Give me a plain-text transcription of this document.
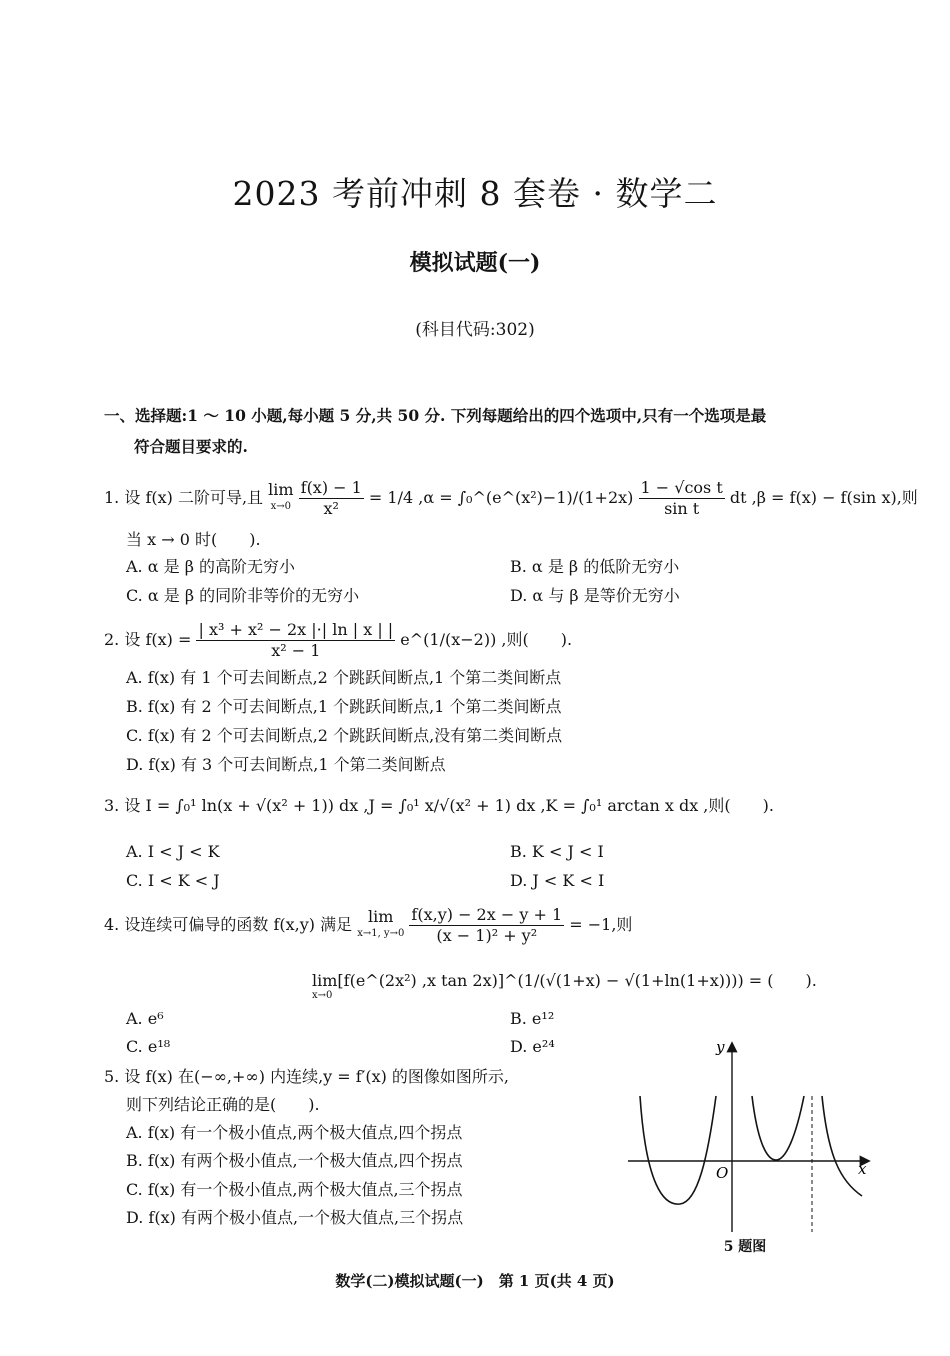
2023 考前冲刺 8 套卷 · 数学二
模拟试题(一)
(科目代码:302)
一、选择题:1 ～ 10 小题,每小题 5 分,共 50 分. 下列每题给出的四个选项中,只有一个选项是最
符合题目要求的.
1. 设 f(x) 二阶可导,且 lim
$x\to 0 \frac{f(x) - 1}{\text{x²}} = 1/4$ ,α = ∫₀^(e^(x²)−1)/(1+2x) $\frac{\text{1 − √cos t}}{\text{sin t}}$ dt ,β = f(x) − f(sin x),则
当 x → 0 时(　　).
A. α 是 β 的高阶无穷小	B. α 是 β 的低阶无穷小
C. α 是 β 的同阶非等价的无穷小	D. α 与 β 是等价无穷小
2. 设 $f(x) = \frac{\text{| x³ + x² − 2x |·| ln | x | |}}{\text{x² − 1}}$ e^(1/(x−2)) ,则(　　).
A. f(x) 有 1 个可去间断点,2 个跳跃间断点,1 个第二类间断点
B. f(x) 有 2 个可去间断点,1 个跳跃间断点,1 个第二类间断点
C. f(x) 有 2 个可去间断点,2 个跳跃间断点,没有第二类间断点
D. f(x) 有 3 个可去间断点,1 个第二类间断点
3. 设 I = ∫₀¹ ln(x + √(x² + 1)) dx ,J = ∫₀¹ x/√(x² + 1) dx ,K = ∫₀¹ arctan x dx ,则(　　).
A. I < J < K	B. K < J < I
C. I < K < J	D. J < K < I
4. 设连续可偏导的函数 f(x,y) 满足 lim
x→1, $y\to 0 \frac{f(x,y) - 2x - y + 1}{\text{(x − 1)² + y²}} = -1$,则
lim[f(e^(2x²) ,x tan 2x)]^(1/(√(1+x) − √(1+ln(1+x)))) = (　　).
x→0
A. e⁶	B. e¹²
C. e¹⁸	D. e²⁴
5. 设 f(x) 在(−∞,+∞) 内连续,y = f′(x) 的图像如图所示,
则下列结论正确的是(　　).
A. f(x) 有一个极小值点,两个极大值点,四个拐点
B. f(x) 有两个极小值点,一个极大值点,四个拐点
C. f(x) 有一个极小值点,两个极大值点,三个拐点
D. f(x) 有两个极小值点,一个极大值点,三个拐点
y
x
O
5 题图
数学(二)模拟试题(一)　第 1 页(共 4 页)
